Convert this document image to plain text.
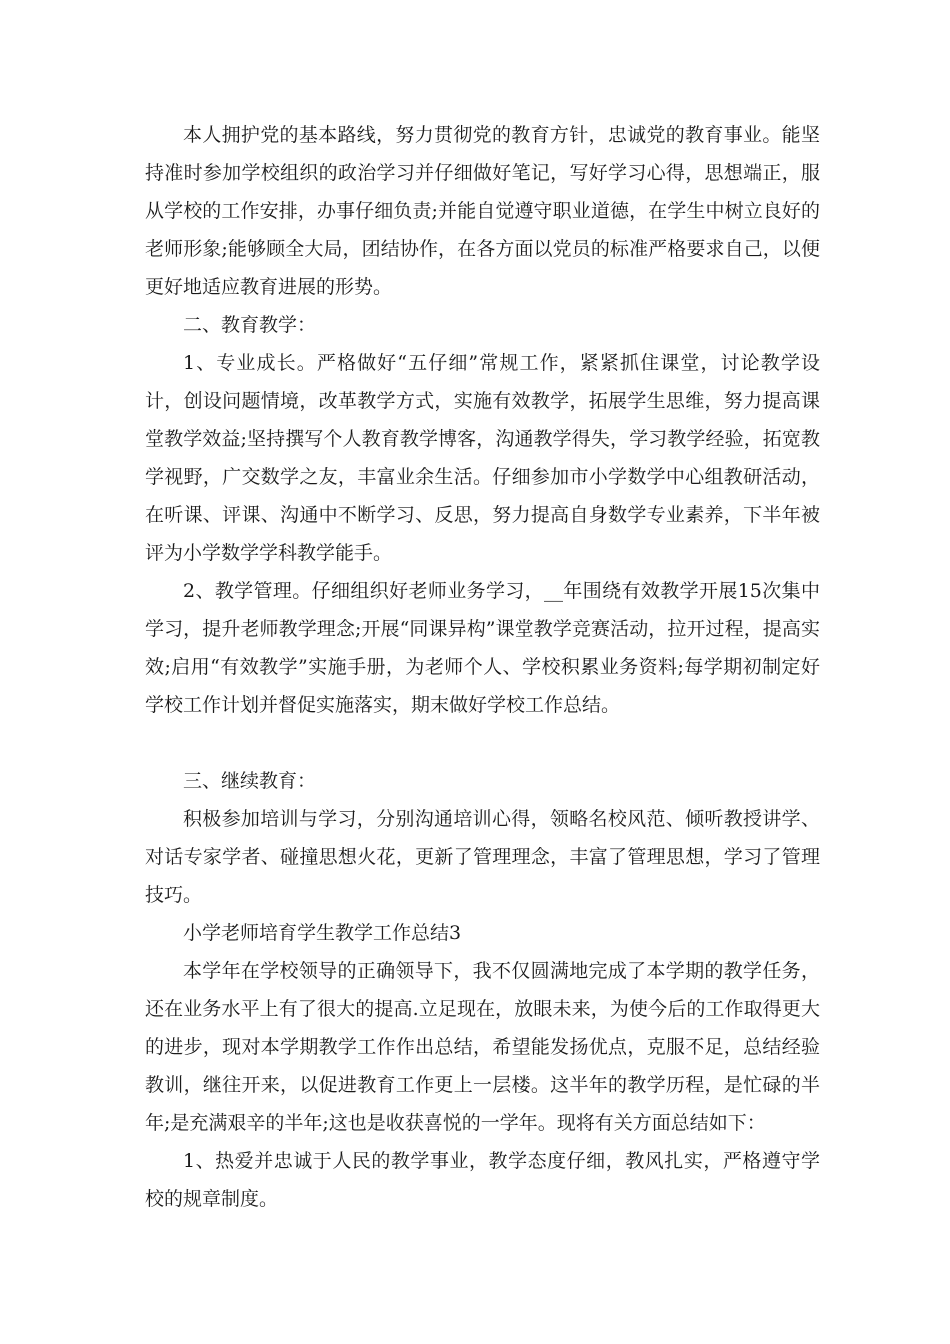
本人拥护党的基本路线，努力贯彻党的教育方针，忠诚党的教育事业。能坚持准时参加学校组织的政治学习并仔细做好笔记，写好学习心得，思想端正，服从学校的工作安排，办事仔细负责;并能自觉遵守职业道德，在学生中树立良好的老师形象;能够顾全大局，团结协作，在各方面以党员的标准严格要求自己，以便更好地适应教育进展的形势。

二、教育教学：

1、专业成长。严格做好“五仔细”常规工作，紧紧抓住课堂，讨论教学设计，创设问题情境，改革教学方式，实施有效教学，拓展学生思维，努力提高课堂教学效益;坚持撰写个人教育教学博客，沟通教学得失，学习教学经验，拓宽教学视野，广交数学之友，丰富业余生活。仔细参加市小学数学中心组教研活动，在听课、评课、沟通中不断学习、反思，努力提高自身数学专业素养，下半年被评为小学数学学科教学能手。

2、教学管理。仔细组织好老师业务学习，__年围绕有效教学开展15次集中学习，提升老师教学理念;开展“同课异构”课堂教学竞赛活动，拉开过程，提高实效;启用“有效教学”实施手册，为老师个人、学校积累业务资料;每学期初制定好学校工作计划并督促实施落实，期末做好学校工作总结。

三、继续教育：

积极参加培训与学习，分别沟通培训心得，领略名校风范、倾听教授讲学、对话专家学者、碰撞思想火花，更新了管理理念，丰富了管理思想，学习了管理技巧。

小学老师培育学生教学工作总结3

本学年在学校领导的正确领导下，我不仅圆满地完成了本学期的教学任务，还在业务水平上有了很大的提高.立足现在，放眼未来，为使今后的工作取得更大的进步，现对本学期教学工作作出总结，希望能发扬优点，克服不足，总结经验教训，继往开来，以促进教育工作更上一层楼。这半年的教学历程，是忙碌的半年;是充满艰辛的半年;这也是收获喜悦的一学年。现将有关方面总结如下：

1、热爱并忠诚于人民的教学事业，教学态度仔细，教风扎实，严格遵守学校的规章制度。
